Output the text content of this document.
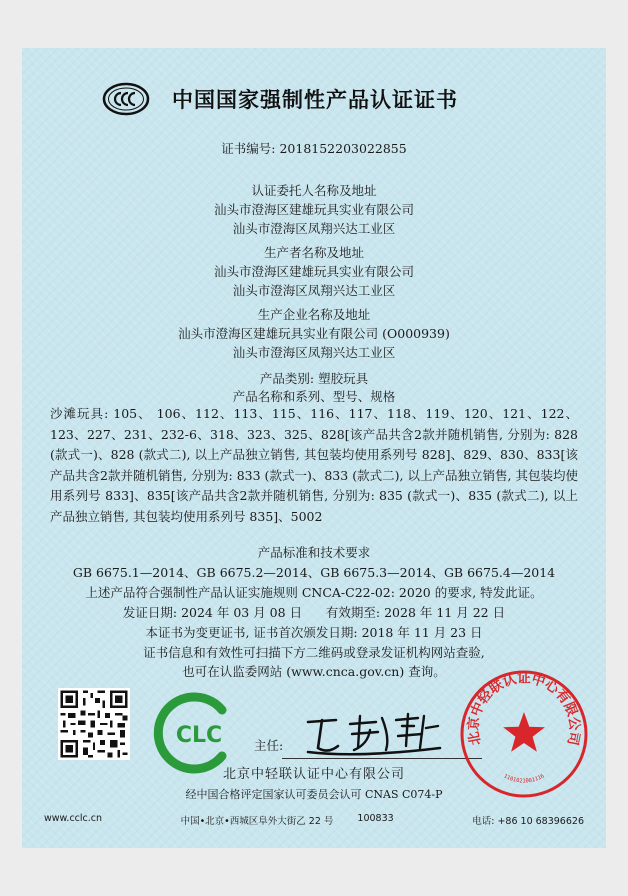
中国国家强制性产品认证证书
证书编号: 2018152203022855
认证委托人名称及地址
汕头市澄海区建雄玩具实业有限公司
汕头市澄海区凤翔兴达工业区
生产者名称及地址
汕头市澄海区建雄玩具实业有限公司
汕头市澄海区凤翔兴达工业区
生产企业名称及地址
汕头市澄海区建雄玩具实业有限公司 (O000939)
汕头市澄海区凤翔兴达工业区
产品类别: 塑胶玩具
产品名称和系列、型号、规格
沙滩玩具: 105、 106、112、113、115、116、117、118、119、120、121、122、123、227、231、232-6、318、323、325、828[该产品共含2款并随机销售, 分别为: 828 (款式一)、828 (款式二), 以上产品独立销售, 其包装均使用系列号 828]、829、830、833[该产品共含2款并随机销售, 分别为: 833 (款式一)、833 (款式二), 以上产品独立销售, 其包装均使用系列号 833]、835[该产品共含2款并随机销售, 分别为: 835 (款式一)、835 (款式二), 以上产品独立销售, 其包装均使用系列号 835]、5002
产品标准和技术要求
GB 6675.1—2014、GB 6675.2—2014、GB 6675.3—2014、GB 6675.4—2014
上述产品符合强制性产品认证实施规则 CNCA-C22-02: 2020 的要求, 特发此证。
发证日期: 2024 年 03 月 08 日      有效期至: 2028 年 11 月 22 日
本证书为变更证书, 证书首次颁发日期: 2018 年 11 月 23 日
证书信息和有效性可扫描下方二维码或登录发证机构网站查验,
也可在认监委网站 (www.cnca.gov.cn) 查询。
CLC	主任:
北京中轻联认证中心有限公司
经中国合格评定国家认可委员会认可 CNAS C074-P
北京中轻联认证中心有限公司
1101021001116
www.cclc.cn	中国•北京•西城区阜外大街乙 22 号	100833	电话: +86 10 68396626
